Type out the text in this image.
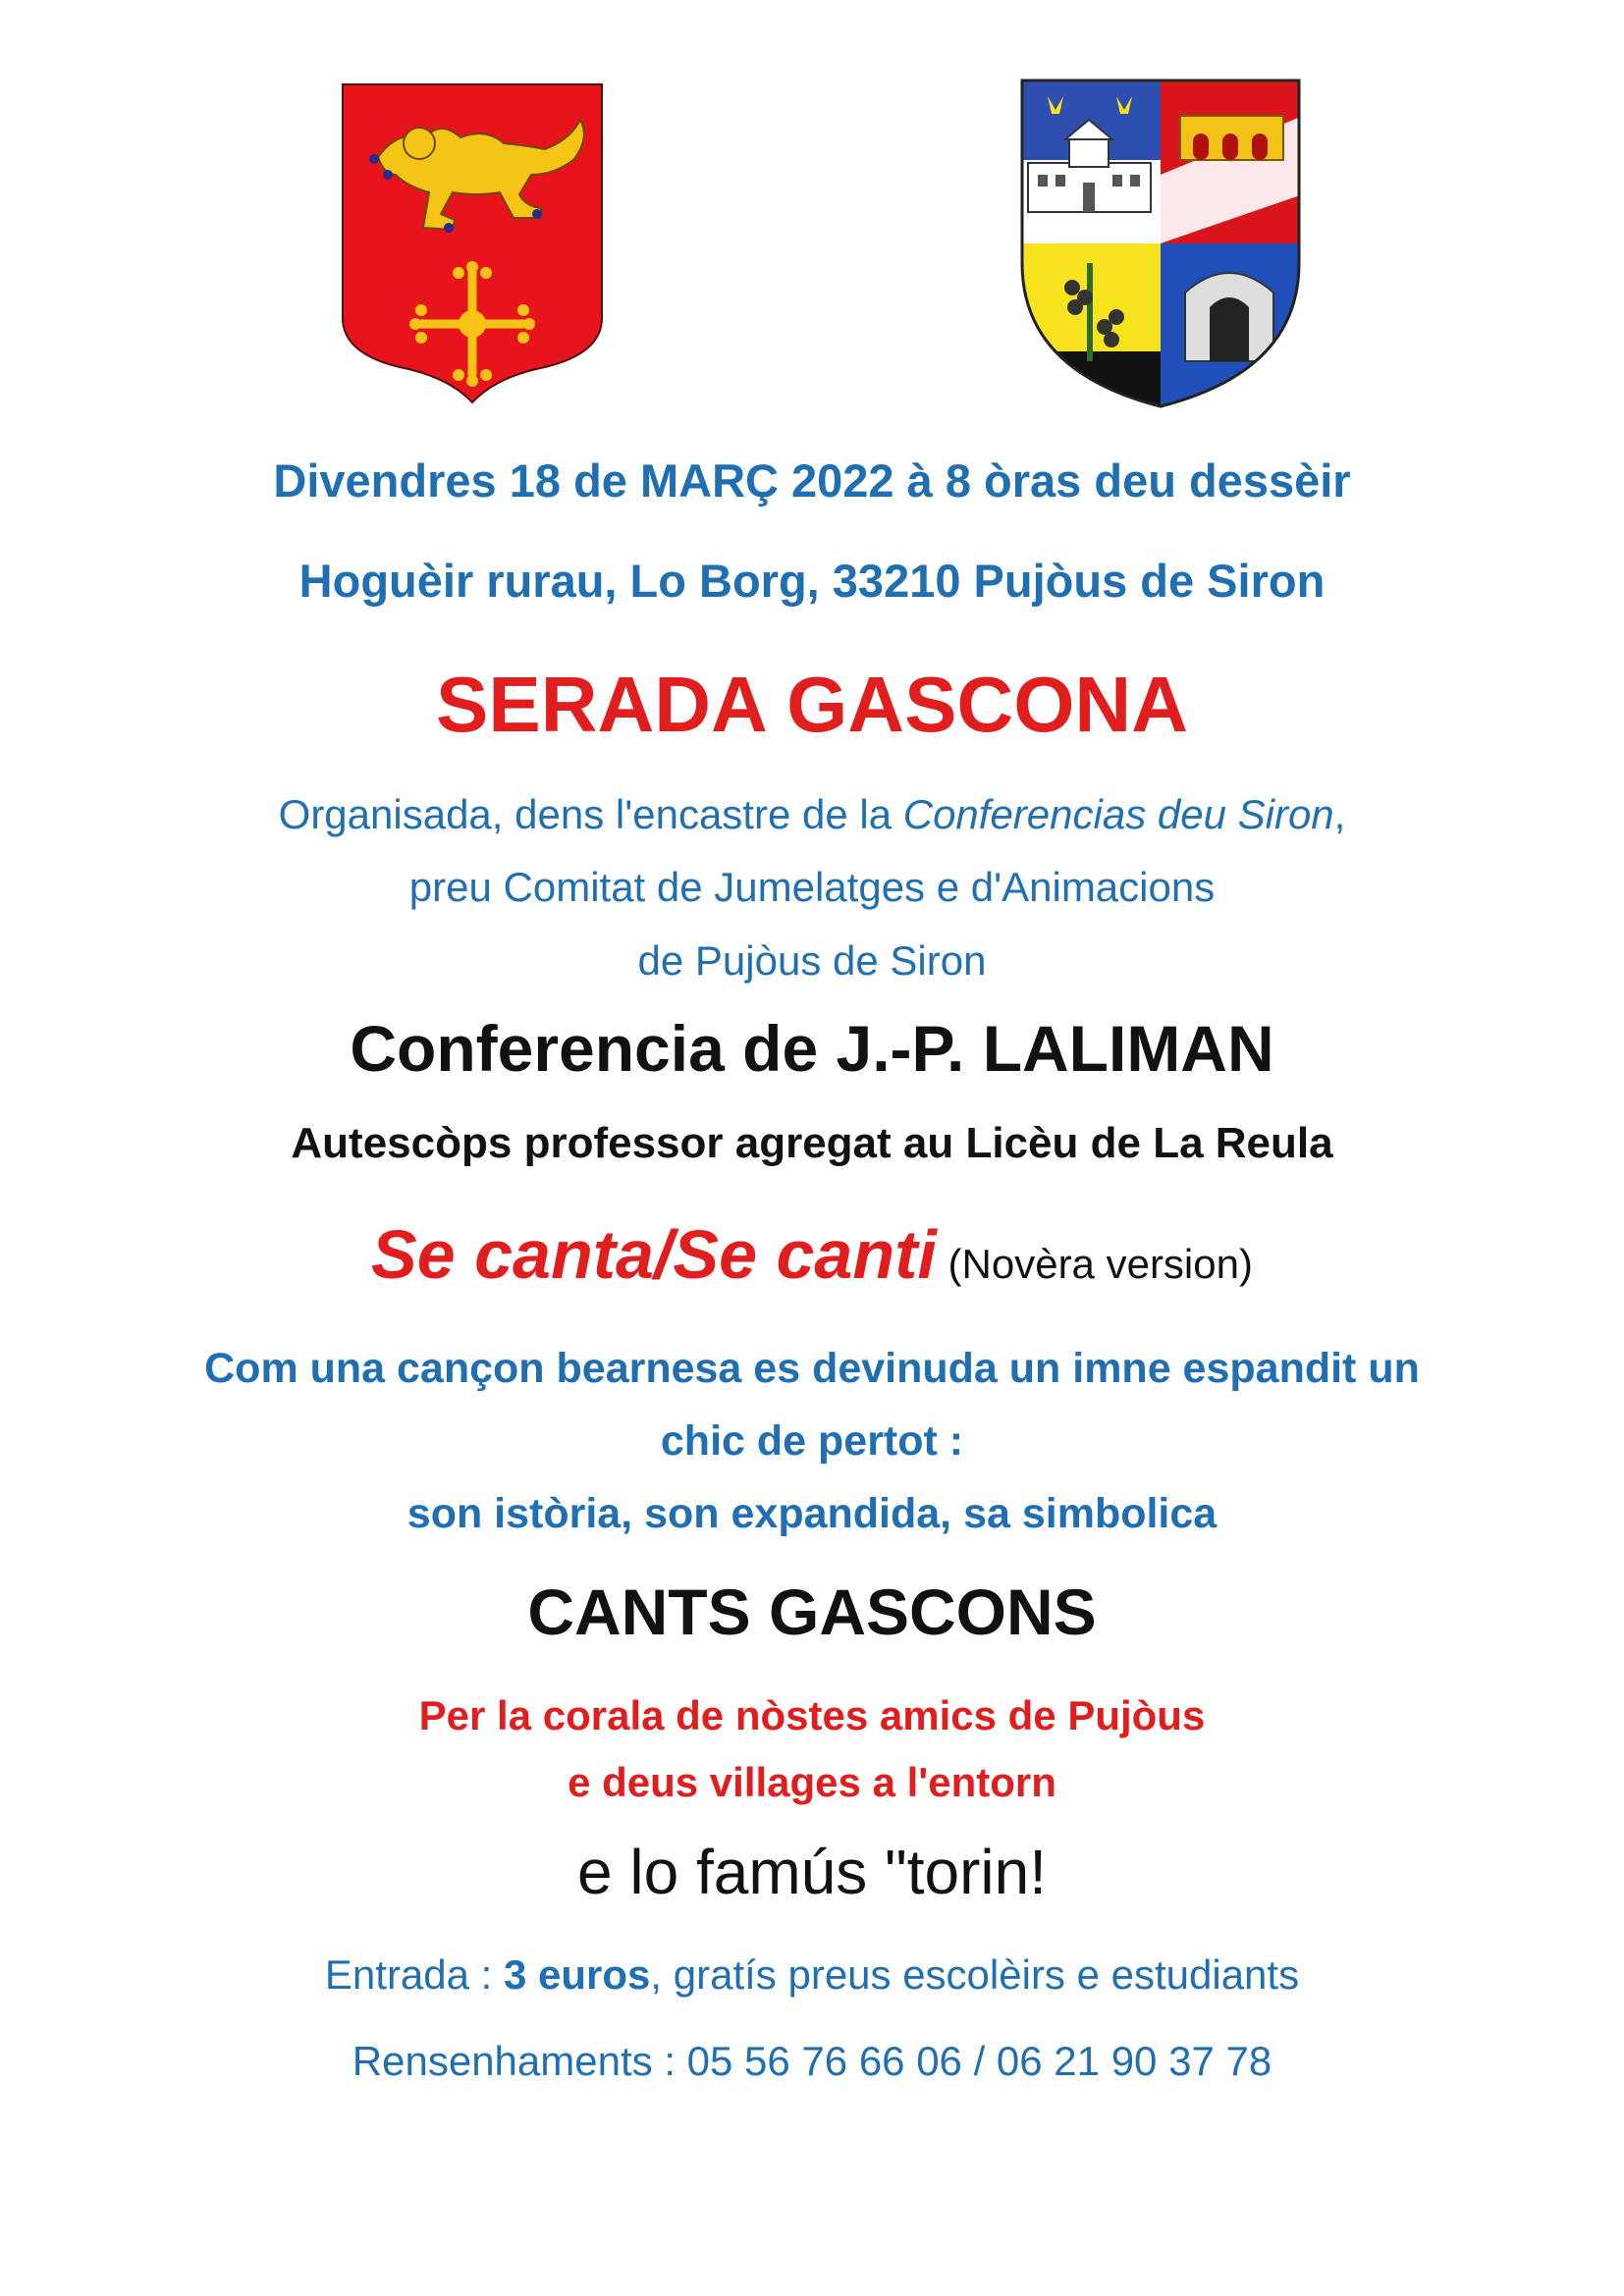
Divendres 18 de MARÇ 2022 à 8 òras deu dessèir
Hoguèir rurau, Lo Borg, 33210 Pujòus de Siron
SERADA GASCONA
Organisada, dens l'encastre de la Conferencias deu Siron,
preu Comitat de Jumelatges e d'Animacions
de Pujòus de Siron
Conferencia de J.-P. LALIMAN
Autescòps professor agregat au Licèu de La Reula
Se canta/Se canti (Novèra version)
Com una cançon bearnesa es devinuda un imne espandit un
chic de pertot :
son istòria, son expandida, sa simbolica
CANTS GASCONS
Per la corala de nòstes amics de Pujòus
e deus villages a l'entorn
e lo famús "torin!
Entrada : 3 euros, gratís preus escolèirs e estudiants
Rensenhaments : 05 56 76 66 06 / 06 21 90 37 78
